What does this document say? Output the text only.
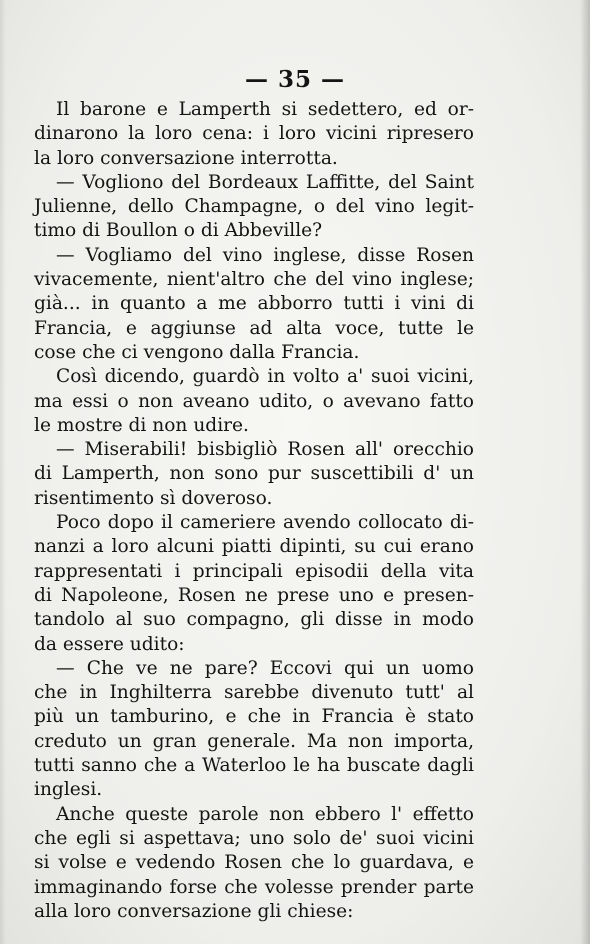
— 35 —
Il barone e Lamperth si sedettero, ed or-
dinarono la loro cena: i loro vicini ripresero
la loro conversazione interrotta.
— Vogliono del Bordeaux Laffitte, del Saint
Julienne, dello Champagne, o del vino legit-
timo di Boullon o di Abbeville?
— Vogliamo del vino inglese, disse Rosen
vivacemente, nient'altro che del vino inglese;
già... in quanto a me abborro tutti i vini di
Francia, e aggiunse ad alta voce, tutte le
cose che ci vengono dalla Francia.
Così dicendo, guardò in volto a' suoi vicini,
ma essi o non aveano udito, o avevano fatto
le mostre di non udire.
— Miserabili! bisbigliò Rosen all' orecchio
di Lamperth, non sono pur suscettibili d' un
risentimento sì doveroso.
Poco dopo il cameriere avendo collocato di-
nanzi a loro alcuni piatti dipinti, su cui erano
rappresentati i principali episodii della vita
di Napoleone, Rosen ne prese uno e presen-
tandolo al suo compagno, gli disse in modo
da essere udito:
— Che ve ne pare? Eccovi qui un uomo
che in Inghilterra sarebbe divenuto tutt' al
più un tamburino, e che in Francia è stato
creduto un gran generale. Ma non importa,
tutti sanno che a Waterloo le ha buscate dagli
inglesi.
Anche queste parole non ebbero l' effetto
che egli si aspettava; uno solo de' suoi vicini
si volse e vedendo Rosen che lo guardava, e
immaginando forse che volesse prender parte
alla loro conversazione gli chiese:
